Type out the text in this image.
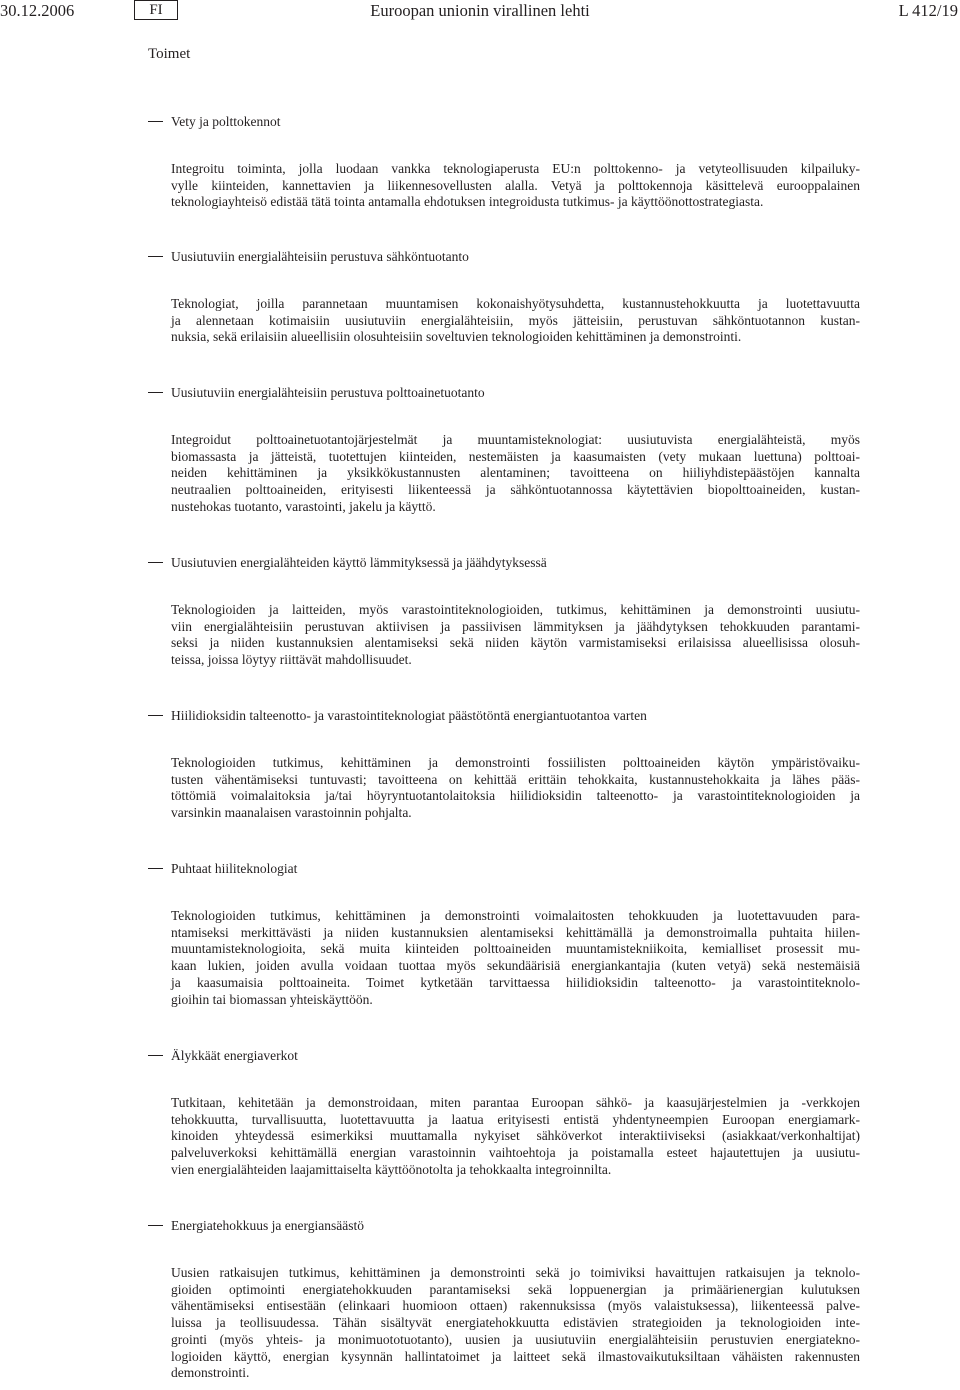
30.12.2006	FI	Euroopan unionin virallinen lehti	L 412/19
Toimet
Vety ja polttokennot
Integroitu toiminta, jolla luodaan vankka teknologiaperusta EU:n polttokenno- ja vetyteollisuuden kilpailuky-
vylle kiinteiden, kannettavien ja liikennesovellusten alalla. Vetyä ja polttokennoja käsittelevä eurooppalainen
teknologiayhteisö edistää tätä tointa antamalla ehdotuksen integroidusta tutkimus- ja käyttöönottostrategiasta.
Uusiutuviin energialähteisiin perustuva sähköntuotanto
Teknologiat, joilla parannetaan muuntamisen kokonaishyötysuhdetta, kustannustehokkuutta ja luotettavuutta
ja alennetaan kotimaisiin uusiutuviin energialähteisiin, myös jätteisiin, perustuvan sähköntuotannon kustan-
nuksia, sekä erilaisiin alueellisiin olosuhteisiin soveltuvien teknologioiden kehittäminen ja demonstrointi.
Uusiutuviin energialähteisiin perustuva polttoainetuotanto
Integroidut polttoainetuotantojärjestelmät ja muuntamisteknologiat: uusiutuvista energialähteistä, myös
biomassasta ja jätteistä, tuotettujen kiinteiden, nestemäisten ja kaasumaisten (vety mukaan luettuna) polttoai-
neiden kehittäminen ja yksikkökustannusten alentaminen; tavoitteena on hiiliyhdistepäästöjen kannalta
neutraalien polttoaineiden, erityisesti liikenteessä ja sähköntuotannossa käytettävien biopolttoaineiden, kustan-
nustehokas tuotanto, varastointi, jakelu ja käyttö.
Uusiutuvien energialähteiden käyttö lämmityksessä ja jäähdytyksessä
Teknologioiden ja laitteiden, myös varastointiteknologioiden, tutkimus, kehittäminen ja demonstrointi uusiutu-
viin energialähteisiin perustuvan aktiivisen ja passiivisen lämmityksen ja jäähdytyksen tehokkuuden parantami-
seksi ja niiden kustannuksien alentamiseksi sekä niiden käytön varmistamiseksi erilaisissa alueellisissa olosuh-
teissa, joissa löytyy riittävät mahdollisuudet.
Hiilidioksidin talteenotto- ja varastointiteknologiat päästötöntä energiantuotantoa varten
Teknologioiden tutkimus, kehittäminen ja demonstrointi fossiilisten polttoaineiden käytön ympäristövaiku-
tusten vähentämiseksi tuntuvasti; tavoitteena on kehittää erittäin tehokkaita, kustannustehokkaita ja lähes pääs-
töttömiä voimalaitoksia ja/tai höyryntuotantolaitoksia hiilidioksidin talteenotto- ja varastointiteknologioiden ja
varsinkin maanalaisen varastoinnin pohjalta.
Puhtaat hiiliteknologiat
Teknologioiden tutkimus, kehittäminen ja demonstrointi voimalaitosten tehokkuuden ja luotettavuuden para-
ntamiseksi merkittävästi ja niiden kustannuksien alentamiseksi kehittämällä ja demonstroimalla puhtaita hiilen-
muuntamisteknologioita, sekä muita kiinteiden polttoaineiden muuntamistekniikoita, kemialliset prosessit mu-
kaan lukien, joiden avulla voidaan tuottaa myös sekundäärisiä energiankantajia (kuten vetyä) sekä nestemäisiä
ja kaasumaisia polttoaineita. Toimet kytketään tarvittaessa hiilidioksidin talteenotto- ja varastointiteknolo-
gioihin tai biomassan yhteiskäyttöön.
Älykkäät energiaverkot
Tutkitaan, kehitetään ja demonstroidaan, miten parantaa Euroopan sähkö- ja kaasujärjestelmien ja -verkkojen
tehokkuutta, turvallisuutta, luotettavuutta ja laatua erityisesti entistä yhdentyneempien Euroopan energiamark-
kinoiden yhteydessä esimerkiksi muuttamalla nykyiset sähköverkot interaktiiviseksi (asiakkaat/verkonhaltijat)
palveluverkoksi kehittämällä energian varastoinnin vaihtoehtoja ja poistamalla esteet hajautettujen ja uusiutu-
vien energialähteiden laajamittaiselta käyttöönotolta ja tehokkaalta integroinnilta.
Energiatehokkuus ja energiansäästö
Uusien ratkaisujen tutkimus, kehittäminen ja demonstrointi sekä jo toimiviksi havaittujen ratkaisujen ja teknolo-
gioiden optimointi energiatehokkuuden parantamiseksi sekä loppuenergian ja primäärienergian kulutuksen
vähentämiseksi entisestään (elinkaari huomioon ottaen) rakennuksissa (myös valaistuksessa), liikenteessä palve-
luissa ja teollisuudessa. Tähän sisältyvät energiatehokkuutta edistävien strategioiden ja teknologioiden inte-
grointi (myös yhteis- ja monimuototuotanto), uusien ja uusiutuviin energialähteisiin perustuvien energiatekno-
logioiden käyttö, energian kysynnän hallintatoimet ja laitteet sekä ilmastovaikutuksiltaan vähäisten rakennusten
demonstrointi.
